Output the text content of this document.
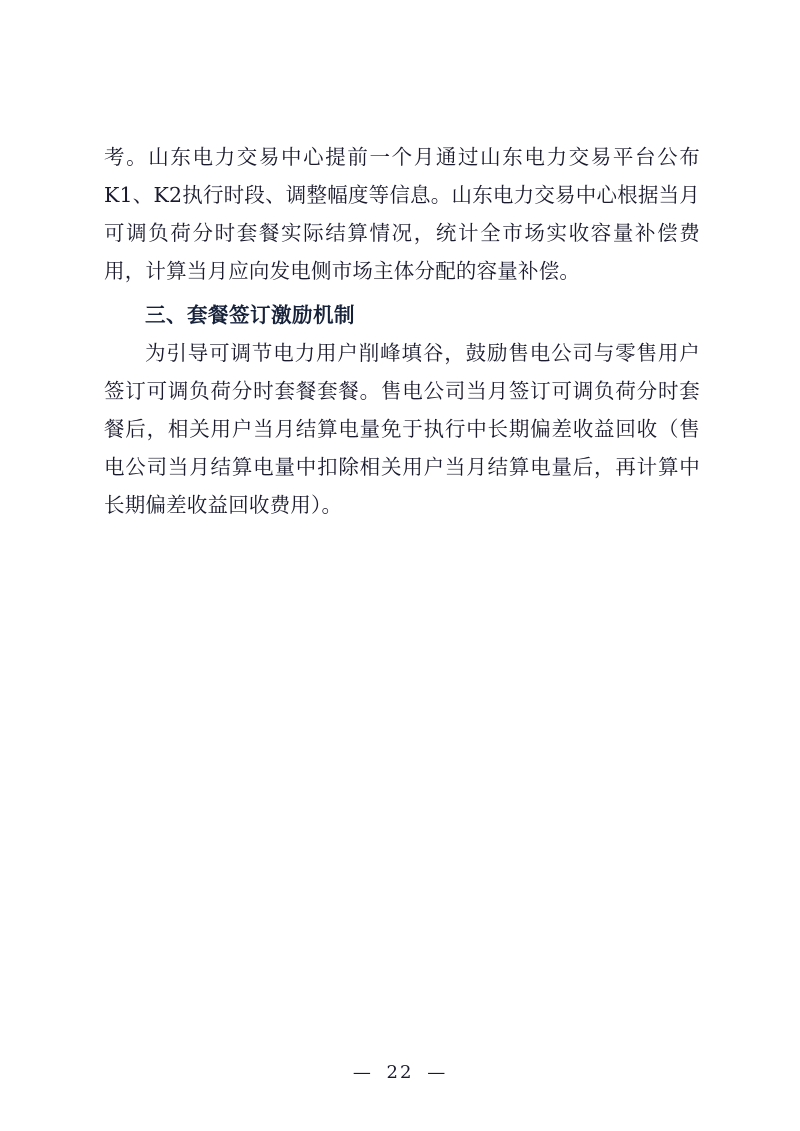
考。山东电力交易中心提前一个月通过山东电力交易平台公布K1、K2执行时段、调整幅度等信息。山东电力交易中心根据当月可调负荷分时套餐实际结算情况，统计全市场实收容量补偿费用，计算当月应向发电侧市场主体分配的容量补偿。

三、套餐签订激励机制

为引导可调节电力用户削峰填谷，鼓励售电公司与零售用户签订可调负荷分时套餐套餐。售电公司当月签订可调负荷分时套餐后，相关用户当月结算电量免于执行中长期偏差收益回收（售电公司当月结算电量中扣除相关用户当月结算电量后，再计算中长期偏差收益回收费用）。

— 22 —
